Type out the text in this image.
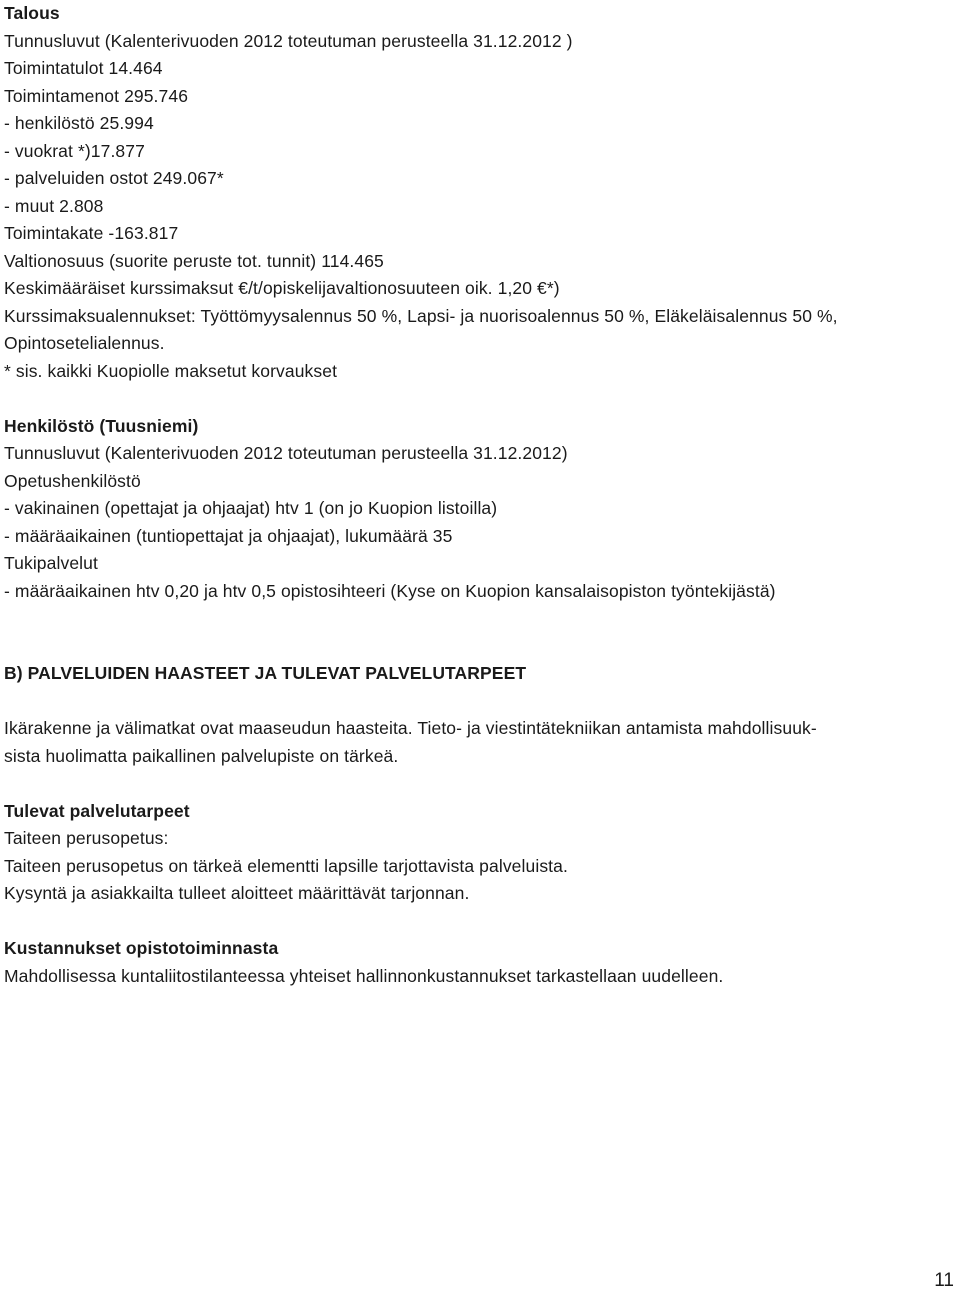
Talous
Tunnusluvut (Kalenterivuoden 2012 toteutuman perusteella 31.12.2012 )
Toimintatulot 14.464
Toimintamenot 295.746
- henkilöstö 25.994
- vuokrat *)17.877
- palveluiden ostot 249.067*
- muut 2.808
Toimintakate -163.817
Valtionosuus (suorite peruste tot. tunnit) 114.465
Keskimääräiset kurssimaksut €/t/opiskelijavaltionosuuteen oik. 1,20 €*)
Kurssimaksualennukset: Työttömyysalennus 50 %, Lapsi- ja nuorisoalennus 50 %, Eläkeläisalennus 50 %,
Opintosetelialennus.
* sis. kaikki Kuopiolle maksetut korvaukset
Henkilöstö (Tuusniemi)
Tunnusluvut (Kalenterivuoden 2012 toteutuman perusteella 31.12.2012)
Opetushenkilöstö
- vakinainen (opettajat ja ohjaajat) htv 1 (on jo Kuopion listoilla)
- määräaikainen (tuntiopettajat ja ohjaajat), lukumäärä 35
Tukipalvelut
- määräaikainen htv 0,20 ja htv 0,5 opistosihteeri (Kyse on Kuopion kansalaisopiston työntekijästä)
B) PALVELUIDEN HAASTEET JA TULEVAT PALVELUTARPEET
Ikärakenne ja välimatkat ovat maaseudun haasteita. Tieto- ja viestintätekniikan antamista mahdollisuuk-
sista huolimatta paikallinen palvelupiste on tärkeä.
Tulevat palvelutarpeet
Taiteen perusopetus:
Taiteen perusopetus on tärkeä elementti lapsille tarjottavista palveluista.
Kysyntä ja asiakkailta tulleet aloitteet määrittävät tarjonnan.
Kustannukset opistotoiminnasta
Mahdollisessa kuntaliitostilanteessa yhteiset hallinnonkustannukset tarkastellaan uudelleen.
11
